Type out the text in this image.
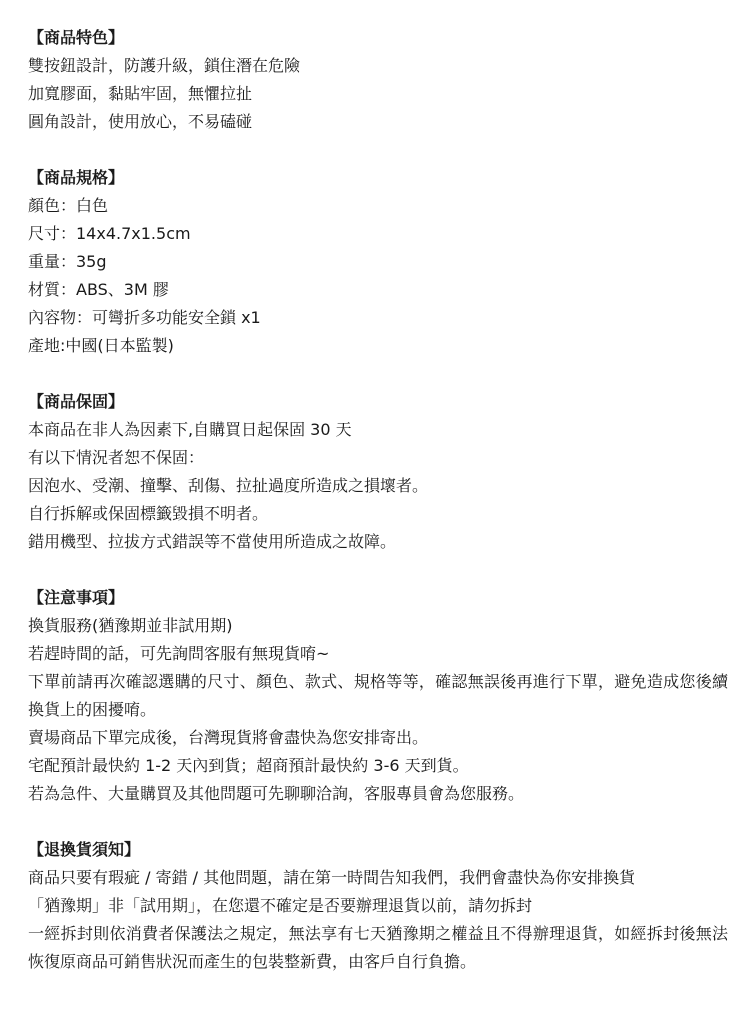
【商品特色】
雙按鈕設計，防護升級，鎖住潛在危險
加寬膠面，黏貼牢固，無懼拉扯
圓角設計，使用放心，不易磕碰
【商品規格】
顏色：白色
尺寸：14x4.7x1.5cm
重量：35g
材質：ABS、3M 膠
內容物：可彎折多功能安全鎖 x1
產地:中國(日本監製)
【商品保固】
本商品在非人為因素下,自購買日起保固 30 天
有以下情況者恕不保固：
因泡水、受潮、撞擊、刮傷、拉扯過度所造成之損壞者。
自行拆解或保固標籤毀損不明者。
錯用機型、拉拔方式錯誤等不當使用所造成之故障。
【注意事項】
換貨服務(猶豫期並非試用期)
若趕時間的話，可先詢問客服有無現貨唷~
下單前請再次確認選購的尺寸、顏色、款式、規格等等，確認無誤後再進行下單，避免造成您後續換貨上的困擾唷。
賣場商品下單完成後，台灣現貨將會盡快為您安排寄出。
宅配預計最快約 1-2 天內到貨；超商預計最快約 3-6 天到貨。
若為急件、大量購買及其他問題可先聊聊洽詢，客服專員會為您服務。
【退換貨須知】
商品只要有瑕疵 / 寄錯 / 其他問題，請在第一時間告知我們，我們會盡快為你安排換貨
「猶豫期」非「試用期」，在您還不確定是否要辦理退貨以前，請勿拆封
一經拆封則依消費者保護法之規定，無法享有七天猶豫期之權益且不得辦理退貨，如經拆封後無法恢復原商品可銷售狀況而產生的包裝整新費，由客戶自行負擔。
